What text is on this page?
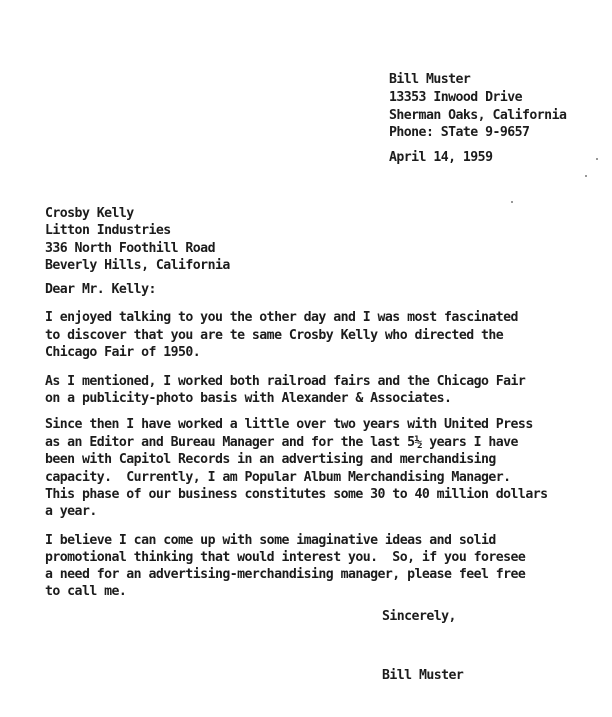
Bill Muster
13353 Inwood Drive
Sherman Oaks, California
Phone: STate 9-9657
April 14, 1959
Crosby Kelly
Litton Industries
336 North Foothill Road
Beverly Hills, California
Dear Mr. Kelly:
I enjoyed talking to you the other day and I was most fascinated
to discover that you are te same Crosby Kelly who directed the
Chicago Fair of 1950.
As I mentioned, I worked both railroad fairs and the Chicago Fair
on a publicity-photo basis with Alexander & Associates.
Since then I have worked a little over two years with United Press
as an Editor and Bureau Manager and for the last 5½ years I have
been with Capitol Records in an advertising and merchandising
capacity.  Currently, I am Popular Album Merchandising Manager.
This phase of our business constitutes some 30 to 40 million dollars
a year.
I believe I can come up with some imaginative ideas and solid
promotional thinking that would interest you.  So, if you foresee
a need for an advertising-merchandising manager, please feel free
to call me.
Sincerely,
Bill Muster
